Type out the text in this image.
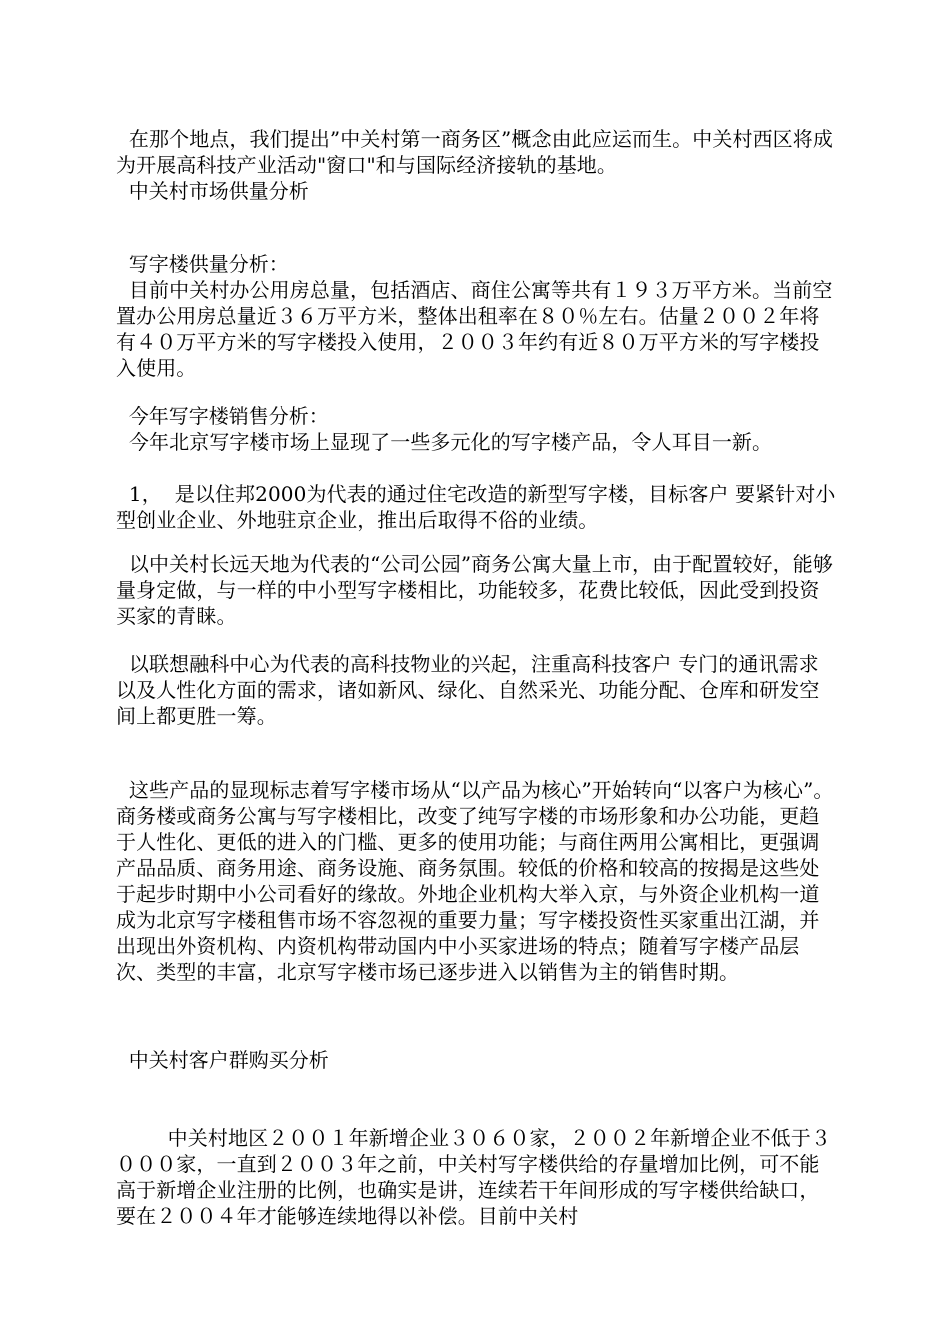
在那个地点，我们提出”中关村第一商务区”概念由此应运而生。中关村西区将成为开展高科技产业活动"窗口"和与国际经济接轨的基地。

中关村市场供量分析

写字楼供量分析：

目前中关村办公用房总量，包括酒店、商住公寓等共有１９３万平方米。当前空置办公用房总量近３６万平方米，整体出租率在８０％左右。估量２００２年将有４０万平方米的写字楼投入使用，２００３年约有近８０万平方米的写字楼投入使用。

今年写字楼销售分析：

今年北京写字楼市场上显现了一些多元化的写字楼产品，令人耳目一新。

1，  是以住邦2000为代表的通过住宅改造的新型写字楼，目标客户 要紧针对小型创业企业、外地驻京企业，推出后取得不俗的业绩。

以中关村长远天地为代表的“公司公园”商务公寓大量上市，由于配置较好，能够量身定做，与一样的中小型写字楼相比，功能较多，花费比较低，因此受到投资买家的青睐。

以联想融科中心为代表的高科技物业的兴起，注重高科技客户 专门的通讯需求以及人性化方面的需求，诸如新风、绿化、自然采光、功能分配、仓库和研发空间上都更胜一筹。

这些产品的显现标志着写字楼市场从“以产品为核心”开始转向“以客户为核心”。商务楼或商务公寓与写字楼相比，改变了纯写字楼的市场形象和办公功能，更趋于人性化、更低的进入的门槛、更多的使用功能；与商住两用公寓相比，更强调产品品质、商务用途、商务设施、商务氛围。较低的价格和较高的按揭是这些处于起步时期中小公司看好的缘故。外地企业机构大举入京，与外资企业机构一道成为北京写字楼租售市场不容忽视的重要力量；写字楼投资性买家重出江湖，并出现出外资机构、内资机构带动国内中小买家进场的特点；随着写字楼产品层次、类型的丰富，北京写字楼市场已逐步进入以销售为主的销售时期。

中关村客户群购买分析

中关村地区２００１年新增企业３０６０家，２００２年新增企业不低于３０００家，一直到２００３年之前，中关村写字楼供给的存量增加比例，可不能高于新增企业注册的比例，也确实是讲，连续若干年间形成的写字楼供给缺口，要在２００４年才能够连续地得以补偿。目前中关村
